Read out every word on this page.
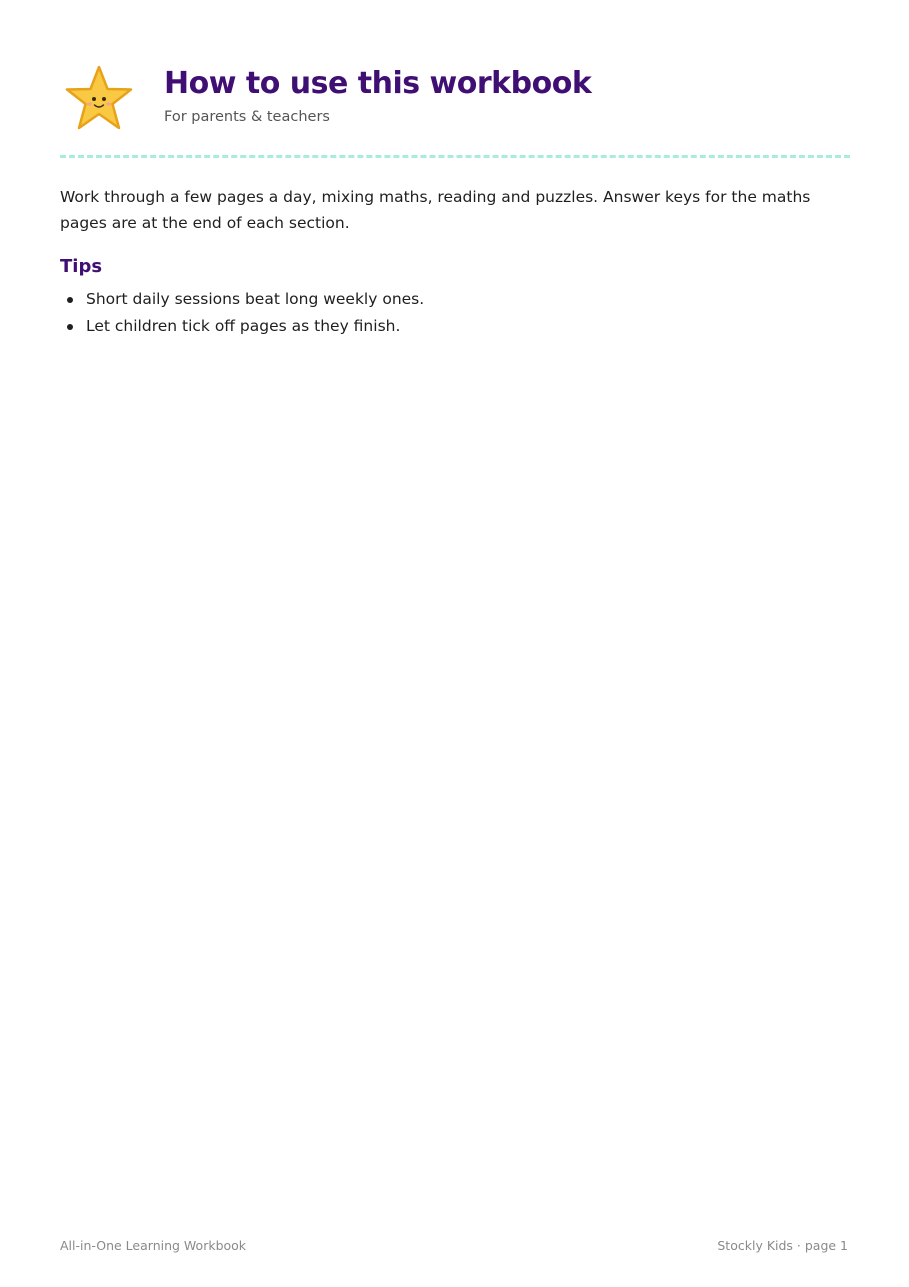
How to use this workbook

For parents & teachers

Work through a few pages a day, mixing maths, reading and puzzles. Answer keys for the maths pages are at the end of each section.

Tips
Short daily sessions beat long weekly ones.
Let children tick off pages as they finish.
All-in-One Learning Workbook	Stockly Kids · page 1
